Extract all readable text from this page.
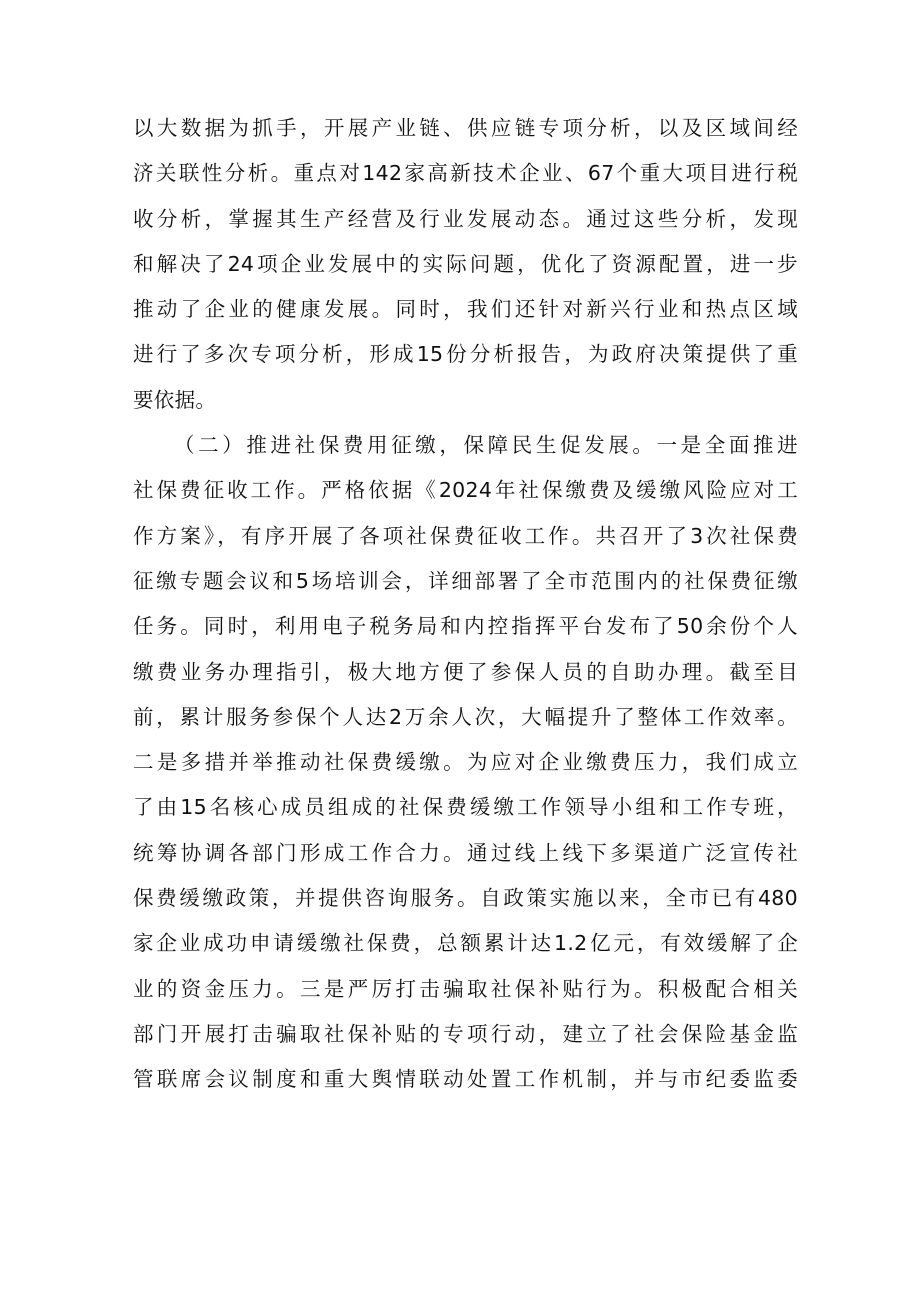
以大数据为抓手，开展产业链、供应链专项分析，以及区域间经
济关联性分析。重点对142家高新技术企业、67个重大项目进行税
收分析，掌握其生产经营及行业发展动态。通过这些分析，发现
和解决了24项企业发展中的实际问题，优化了资源配置，进一步
推动了企业的健康发展。同时，我们还针对新兴行业和热点区域
进行了多次专项分析，形成15份分析报告，为政府决策提供了重
要依据。
（二）推进社保费用征缴，保障民生促发展。一是全面推进
社保费征收工作。严格依据《2024年社保缴费及缓缴风险应对工
作方案》，有序开展了各项社保费征收工作。共召开了3次社保费
征缴专题会议和5场培训会，详细部署了全市范围内的社保费征缴
任务。同时，利用电子税务局和内控指挥平台发布了50余份个人
缴费业务办理指引，极大地方便了参保人员的自助办理。截至目
前，累计服务参保个人达2万余人次，大幅提升了整体工作效率。
二是多措并举推动社保费缓缴。为应对企业缴费压力，我们成立
了由15名核心成员组成的社保费缓缴工作领导小组和工作专班，
统筹协调各部门形成工作合力。通过线上线下多渠道广泛宣传社
保费缓缴政策，并提供咨询服务。自政策实施以来，全市已有480
家企业成功申请缓缴社保费，总额累计达1.2亿元，有效缓解了企
业的资金压力。三是严厉打击骗取社保补贴行为。积极配合相关
部门开展打击骗取社保补贴的专项行动，建立了社会保险基金监
管联席会议制度和重大舆情联动处置工作机制，并与市纪委监委
